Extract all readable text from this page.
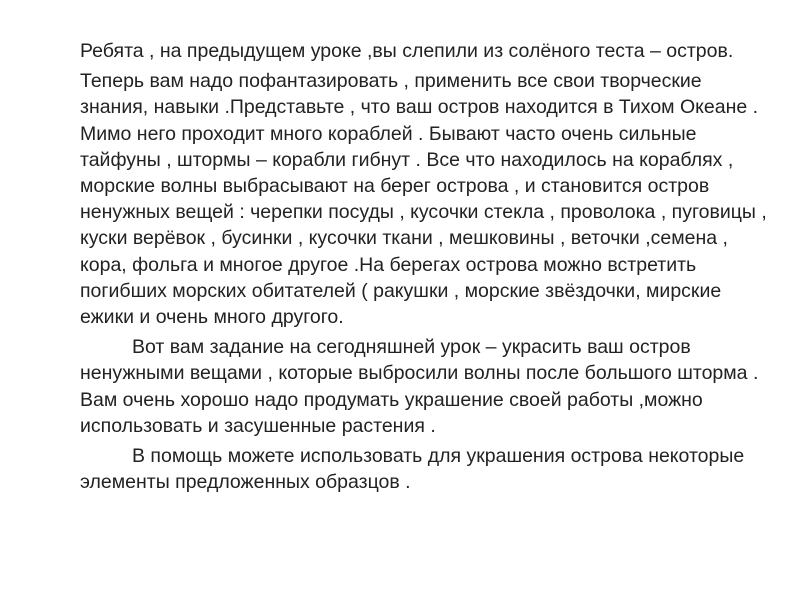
Ребята , на предыдущем уроке ,вы слепили из солёного теста – остров.

Теперь вам надо пофантазировать , применить все свои творческие знания, навыки .Представьте , что ваш остров находится в Тихом Океане . Мимо него проходит много кораблей . Бывают часто очень сильные тайфуны , штормы – корабли гибнут . Все что находилось на кораблях , морские волны выбрасывают на берег острова , и становится остров ненужных вещей : черепки посуды , кусочки стекла , проволока , пуговицы , куски верёвок , бусинки , кусочки ткани , мешковины , веточки ,семена , кора, фольга и многое другое .На берегах острова можно встретить погибших морских обитателей ( ракушки , морские звёздочки, мирские ежики и очень много другого.

Вот вам задание на сегодняшней урок – украсить ваш остров ненужными вещами , которые выбросили волны после большого шторма . Вам очень хорошо надо продумать украшение своей работы ,можно использовать и засушенные растения .

В помощь можете использовать для украшения острова некоторые элементы предложенных образцов .
